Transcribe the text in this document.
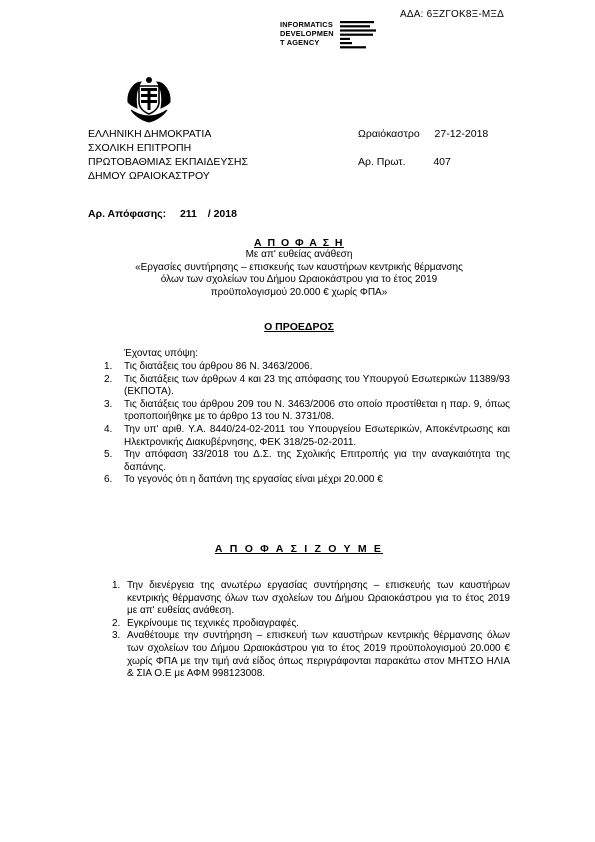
ΑΔΑ: 6ΞΖΓΟΚ8Ξ-ΜΞΔ
INFORMATICS
DEVELOPMEN
T AGENCY
ΕΛΛΗΝΙΚΗ ΔΗΜΟΚΡΑΤΙΑ
ΣΧΟΛΙΚΗ ΕΠΙΤΡΟΠΗ
ΠΡΩΤΟΒΑΘΜΙΑΣ ΕΚΠΑΙΔΕΥΣΗΣ
ΔΗΜΟΥ ΩΡΑΙΟΚΑΣΤΡΟΥ
Ωραιόκαστρο 27-12-2018
Αρ. Πρωτ.	407
Αρ. Απόφασης: 211 / 2018
Α Π Ο Φ Α Σ Η
Με απ' ευθείας ανάθεση
«Εργασίες συντήρησης – επισκευής των καυστήρων κεντρικής θέρμανσης
όλων των σχολείων του Δήμου Ωραιοκάστρου για το έτος 2019
προϋπολογισμού 20.000 € χωρίς ΦΠΑ»
Ο ΠΡΟΕΔΡΟΣ
Έχοντας υπόψη:
1. Τις διατάξεις του άρθρου 86 Ν. 3463/2006.
2. Τις διατάξεις των άρθρων 4 και 23 της απόφασης του Υπουργού Εσωτερικών 11389/93 (ΕΚΠΟΤΑ).
3. Τις διατάξεις του άρθρου 209 του Ν. 3463/2006 στο οποίο προστίθεται η παρ. 9, όπως τροποποιήθηκε με το άρθρο 13 του Ν. 3731/08.
4. Την υπ' αριθ. Υ.Α. 8440/24-02-2011 του Υπουργείου Εσωτερικών, Αποκέντρωσης και Ηλεκτρονικής Διακυβέρνησης, ΦΕΚ 318/25-02-2011.
5. Την απόφαση 33/2018 του Δ.Σ. της Σχολικής Επιτροπής για την αναγκαιότητα της δαπάνης.
6. Το γεγονός ότι η δαπάνη της εργασίας είναι μέχρι 20.000 €
Α Π Ο Φ Α Σ Ι Ζ Ο Υ Μ Ε
1. Την διενέργεια της ανωτέρω εργασίας συντήρησης – επισκευής των καυστήρων κεντρικής θέρμανσης όλων των σχολείων του Δήμου Ωραιοκάστρου για το έτος 2019 με απ' ευθείας ανάθεση.
2. Εγκρίνουμε τις τεχνικές προδιαγραφές.
3. Αναθέτουμε την συντήρηση – επισκευή των καυστήρων κεντρικής θέρμανσης όλων των σχολείων του Δήμου Ωραιοκάστρου για το έτος 2019 προϋπολογισμού 20.000 € χωρίς ΦΠΑ με την τιμή ανά είδος όπως περιγράφονται παρακάτω στον ΜΗΤΣΟ ΗΛΙΑ & ΣΙΑ Ο.Ε με ΑΦΜ 998123008.
